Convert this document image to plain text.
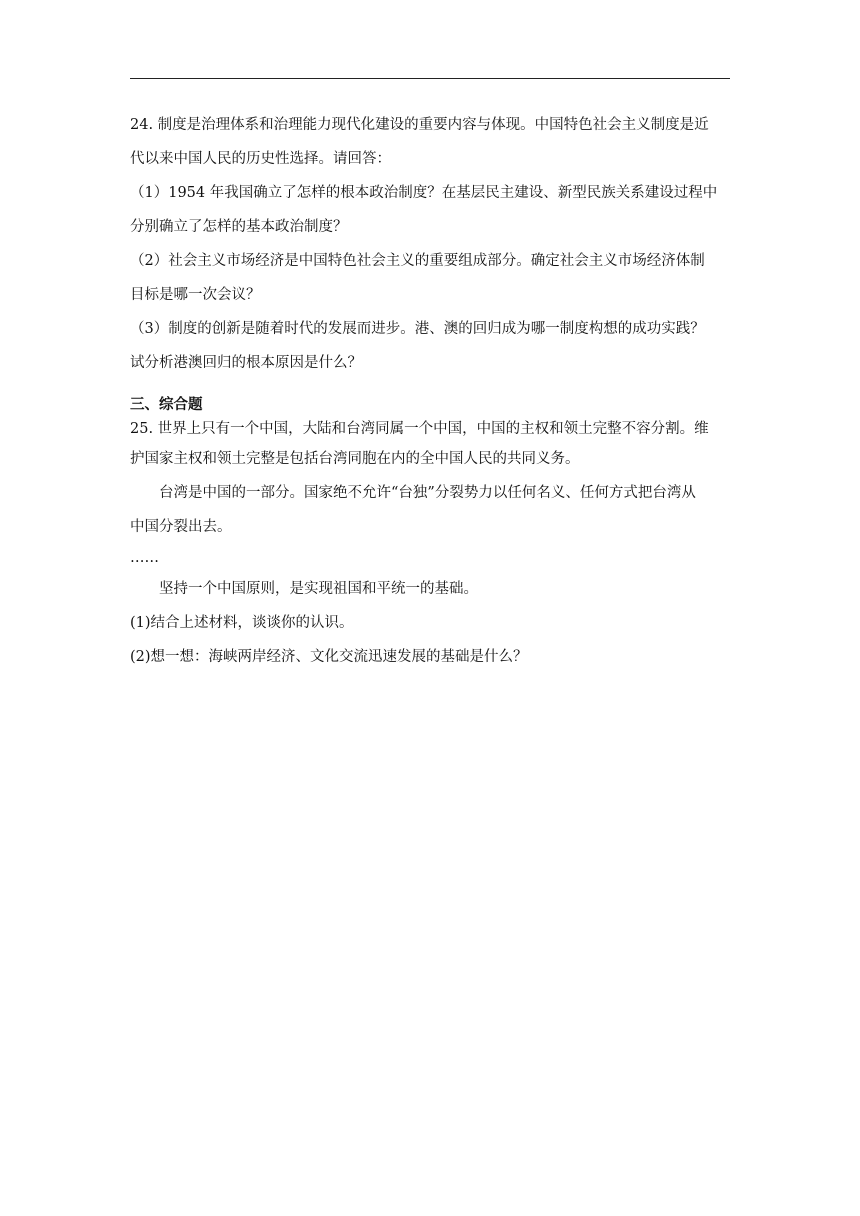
24. 制度是治理体系和治理能力现代化建设的重要内容与体现。中国特色社会主义制度是近
代以来中国人民的历史性选择。请回答：
（1）1954 年我国确立了怎样的根本政治制度？在基层民主建设、新型民族关系建设过程中
分别确立了怎样的基本政治制度？
（2）社会主义市场经济是中国特色社会主义的重要组成部分。确定社会主义市场经济体制
目标是哪一次会议？
（3）制度的创新是随着时代的发展而进步。港、澳的回归成为哪一制度构想的成功实践？
试分析港澳回归的根本原因是什么？
三、综合题
25. 世界上只有一个中国，大陆和台湾同属一个中国，中国的主权和领土完整不容分割。维
护国家主权和领土完整是包括台湾同胞在内的全中国人民的共同义务。
台湾是中国的一部分。国家绝不允许“台独”分裂势力以任何名义、任何方式把台湾从
中国分裂出去。
……
坚持一个中国原则，是实现祖国和平统一的基础。
(1)结合上述材料，谈谈你的认识。
(2)想一想：海峡两岸经济、文化交流迅速发展的基础是什么？
